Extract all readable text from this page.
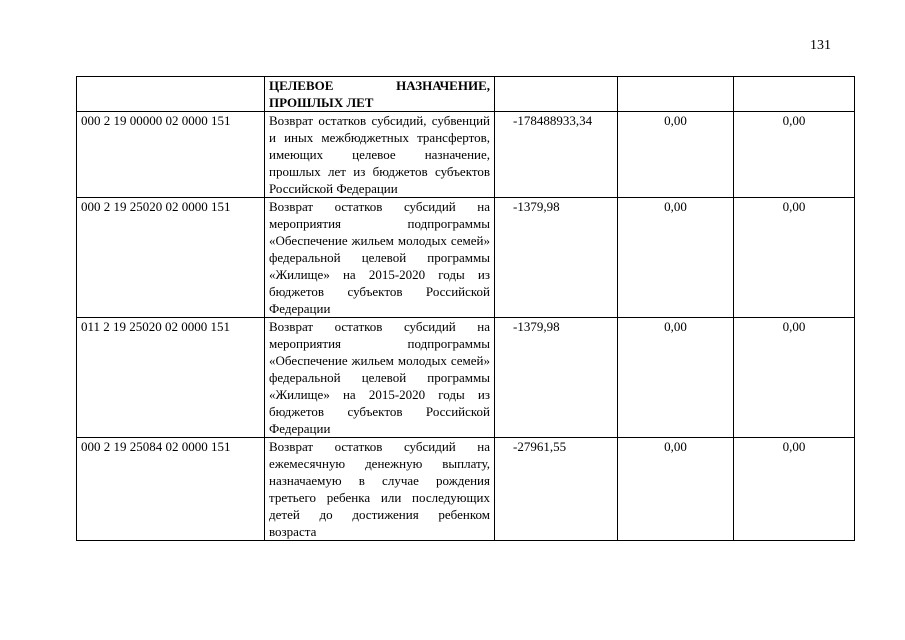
131
	ЦЕЛЕВОЕ НАЗНАЧЕНИЕ, ПРОШЛЫХ ЛЕТ			
000 2 19 00000 02 0000 151	Возврат остатков субсидий, субвенций и иных межбюджетных трансфертов, имеющих целевое назначение, прошлых лет из бюджетов субъектов Российской Федерации	-178488933,34	0,00	0,00
000 2 19 25020 02 0000 151	Возврат остатков субсидий на мероприятия подпрограммы «Обеспечение жильем молодых семей» федеральной целевой программы «Жилище» на 2015-2020 годы из бюджетов субъектов Российской Федерации	-1379,98	0,00	0,00
011 2 19 25020 02 0000 151	Возврат остатков субсидий на мероприятия подпрограммы «Обеспечение жильем молодых семей» федеральной целевой программы «Жилище» на 2015-2020 годы из бюджетов субъектов Российской Федерации	-1379,98	0,00	0,00
000 2 19 25084 02 0000 151	Возврат остатков субсидий на ежемесячную денежную выплату, назначаемую в случае рождения третьего ребенка или последующих детей до достижения ребенком возраста	-27961,55	0,00	0,00
